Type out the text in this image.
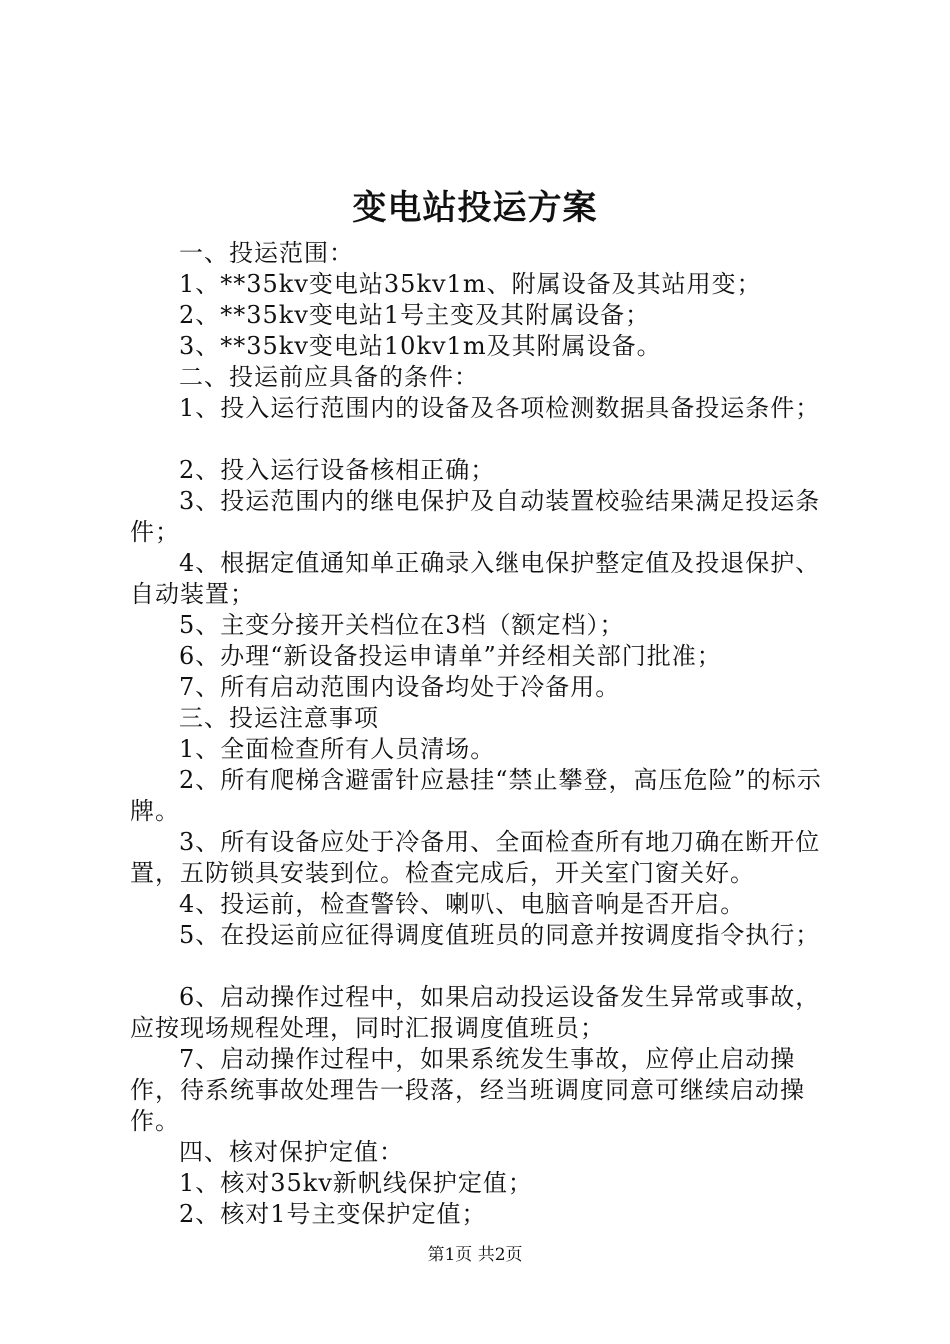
变电站投运方案

一、投运范围：

1、**35kv变电站35kv1m、附属设备及其站用变；

2、**35kv变电站1号主变及其附属设备；

3、**35kv变电站10kv1m及其附属设备。

二、投运前应具备的条件：

1、投入运行范围内的设备及各项检测数据具备投运条件；

2、投入运行设备核相正确；

3、投运范围内的继电保护及自动装置校验结果满足投运条件；

4、根据定值通知单正确录入继电保护整定值及投退保护、自动装置；

5、主变分接开关档位在3档（额定档）；

6、办理“新设备投运申请单”并经相关部门批准；

7、所有启动范围内设备均处于冷备用。

三、投运注意事项

1、全面检查所有人员清场。

2、所有爬梯含避雷针应悬挂“禁止攀登，高压危险”的标示牌。

3、所有设备应处于冷备用、全面检查所有地刀确在断开位置，五防锁具安装到位。检查完成后，开关室门窗关好。

4、投运前，检查警铃、喇叭、电脑音响是否开启。

5、在投运前应征得调度值班员的同意并按调度指令执行；

6、启动操作过程中，如果启动投运设备发生异常或事故，应按现场规程处理，同时汇报调度值班员；

7、启动操作过程中，如果系统发生事故，应停止启动操作，待系统事故处理告一段落，经当班调度同意可继续启动操作。

四、核对保护定值：

1、核对35kv新帆线保护定值；

2、核对1号主变保护定值；

第1页 共2页
